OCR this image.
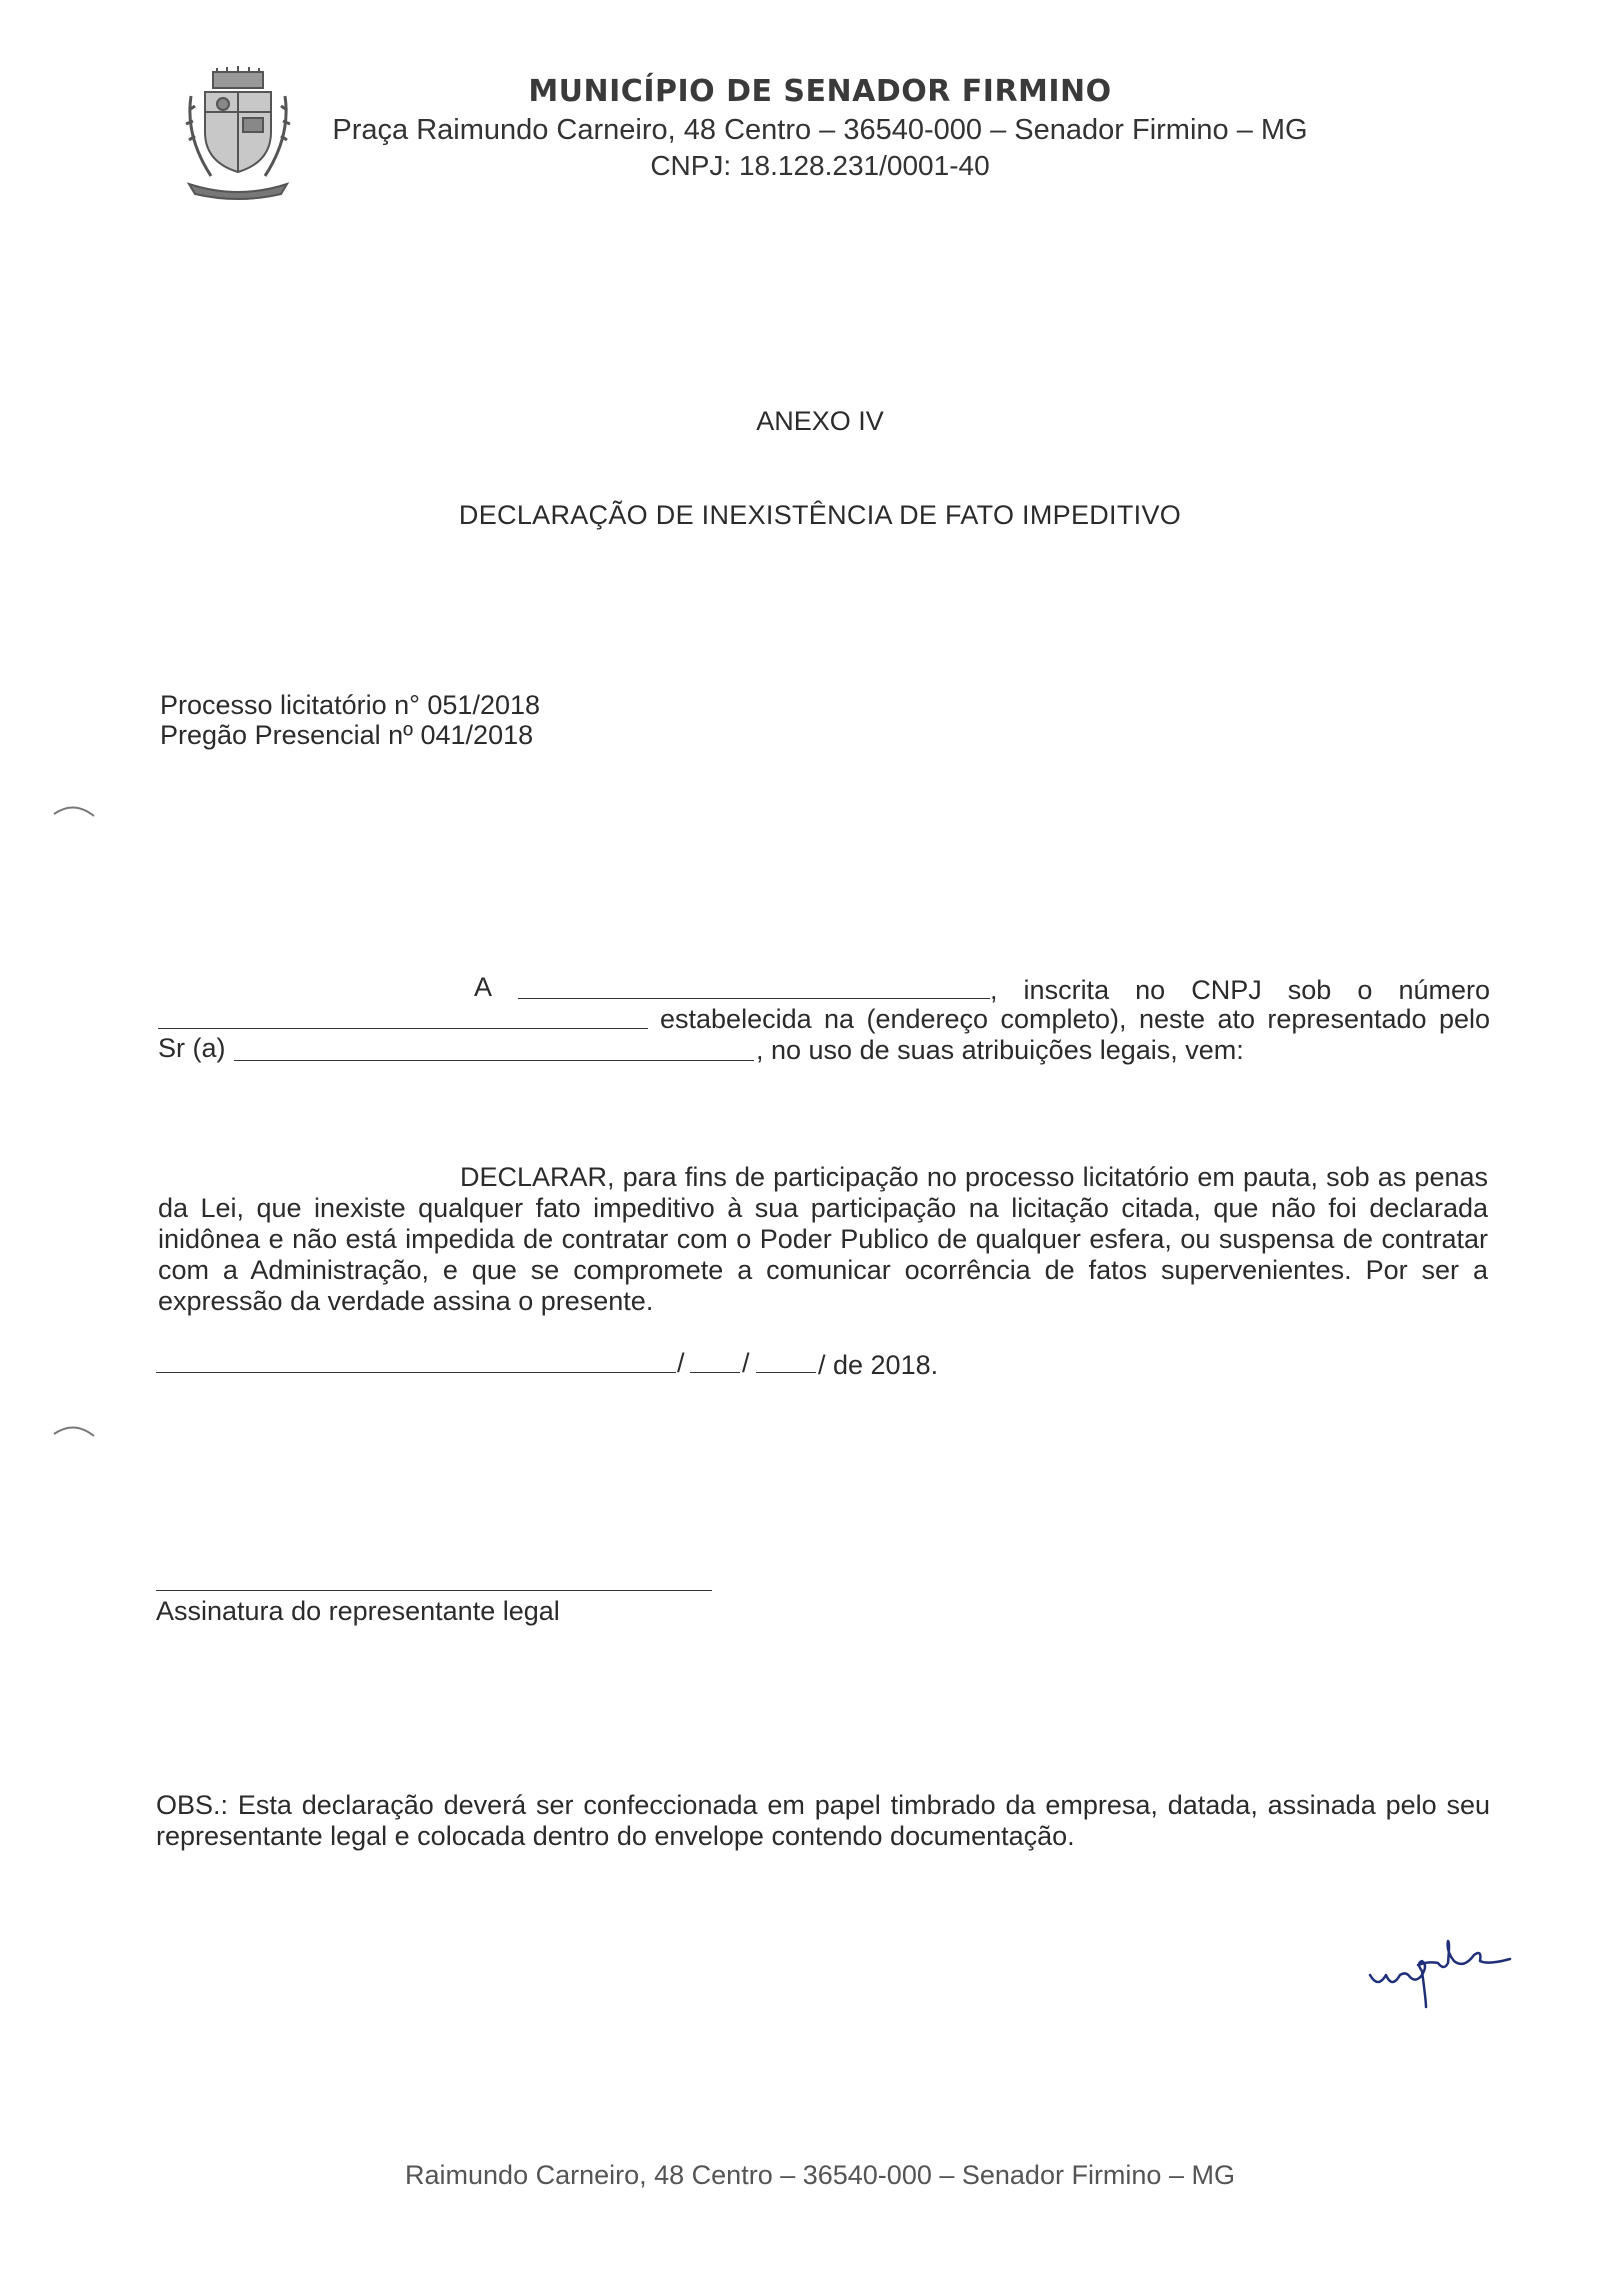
MUNICÍPIO DE SENADOR FIRMINO
Praça Raimundo Carneiro, 48 Centro – 36540-000 – Senador Firmino – MG
CNPJ: 18.128.231/0001-40
ANEXO IV
DECLARAÇÃO DE INEXISTÊNCIA DE FATO IMPEDITIVO
Processo licitatório n° 051/2018
Pregão Presencial nº 041/2018
A	, inscrita no CNPJ sob o número
estabelecida na (endereço completo), neste ato representado pelo
Sr (a)	, no uso de suas atribuições legais, vem:
DECLARAR, para fins de participação no processo licitatório em pauta, sob as penas da Lei, que inexiste qualquer fato impeditivo à sua participação na licitação citada, que não foi declarada inidônea e não está impedida de contratar com o Poder Publico de qualquer esfera, ou suspensa de contratar com a Administração, e que se compromete a comunicar ocorrência de fatos supervenientes. Por ser a expressão da verdade assina o presente.
/ /	/ de 2018.
Assinatura do representante legal
OBS.: Esta declaração deverá ser confeccionada em papel timbrado da empresa, datada, assinada pelo seu representante legal e colocada dentro do envelope contendo documentação.
Raimundo Carneiro, 48 Centro – 36540-000 – Senador Firmino – MG
